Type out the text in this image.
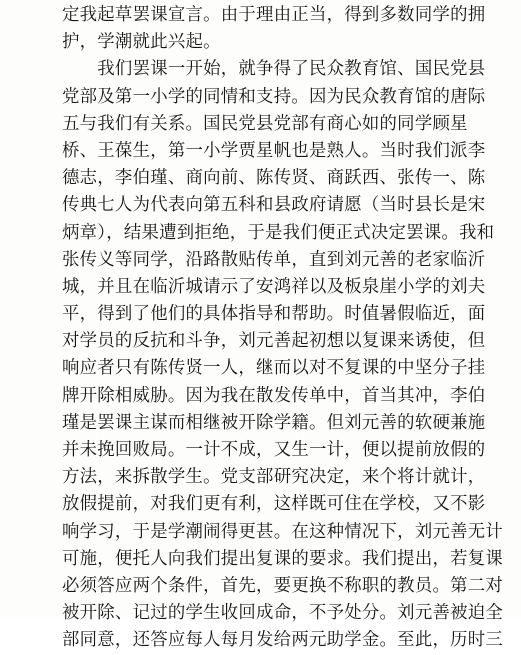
定我起草罢课宣言。由于理由正当，得到多数同学的拥
护，学潮就此兴起。
　　我们罢课一开始，就争得了民众教育馆、国民党县
党部及第一小学的同情和支持。因为民众教育馆的唐际
五与我们有关系。国民党县党部有商心如的同学顾星
桥、王葆生，第一小学贾星帆也是熟人。当时我们派李
德志，李伯瑾、商向前、陈传贤、商跃西、张传一、陈
传典七人为代表向第五科和县政府请愿（当时县长是宋
炳章），结果遭到拒绝，于是我们便正式决定罢课。我和
张传义等同学，沿路散贴传单，直到刘元善的老家临沂
城，并且在临沂城请示了安鸿祥以及板泉崖小学的刘夫
平，得到了他们的具体指导和帮助。时值暑假临近，面
对学员的反抗和斗争，刘元善起初想以复课来诱使，但
响应者只有陈传贤一人，继而以对不复课的中坚分子挂
牌开除相威胁。因为我在散发传单中，首当其冲，李伯
瑾是罢课主谋而相继被开除学籍。但刘元善的软硬兼施
并未挽回败局。一计不成，又生一计，便以提前放假的
方法，来拆散学生。党支部研究决定，来个将计就计，
放假提前，对我们更有利，这样既可住在学校，又不影
响学习，于是学潮闹得更甚。在这种情况下，刘元善无计
可施，便托人向我们提出复课的要求。我们提出，若复课
必须答应两个条件，首先，要更换不称职的教员。第二对
被开除、记过的学生收回成命，不予处分。刘元善被迫全
部同意，还答应每人每月发给两元助学金。至此，历时三
